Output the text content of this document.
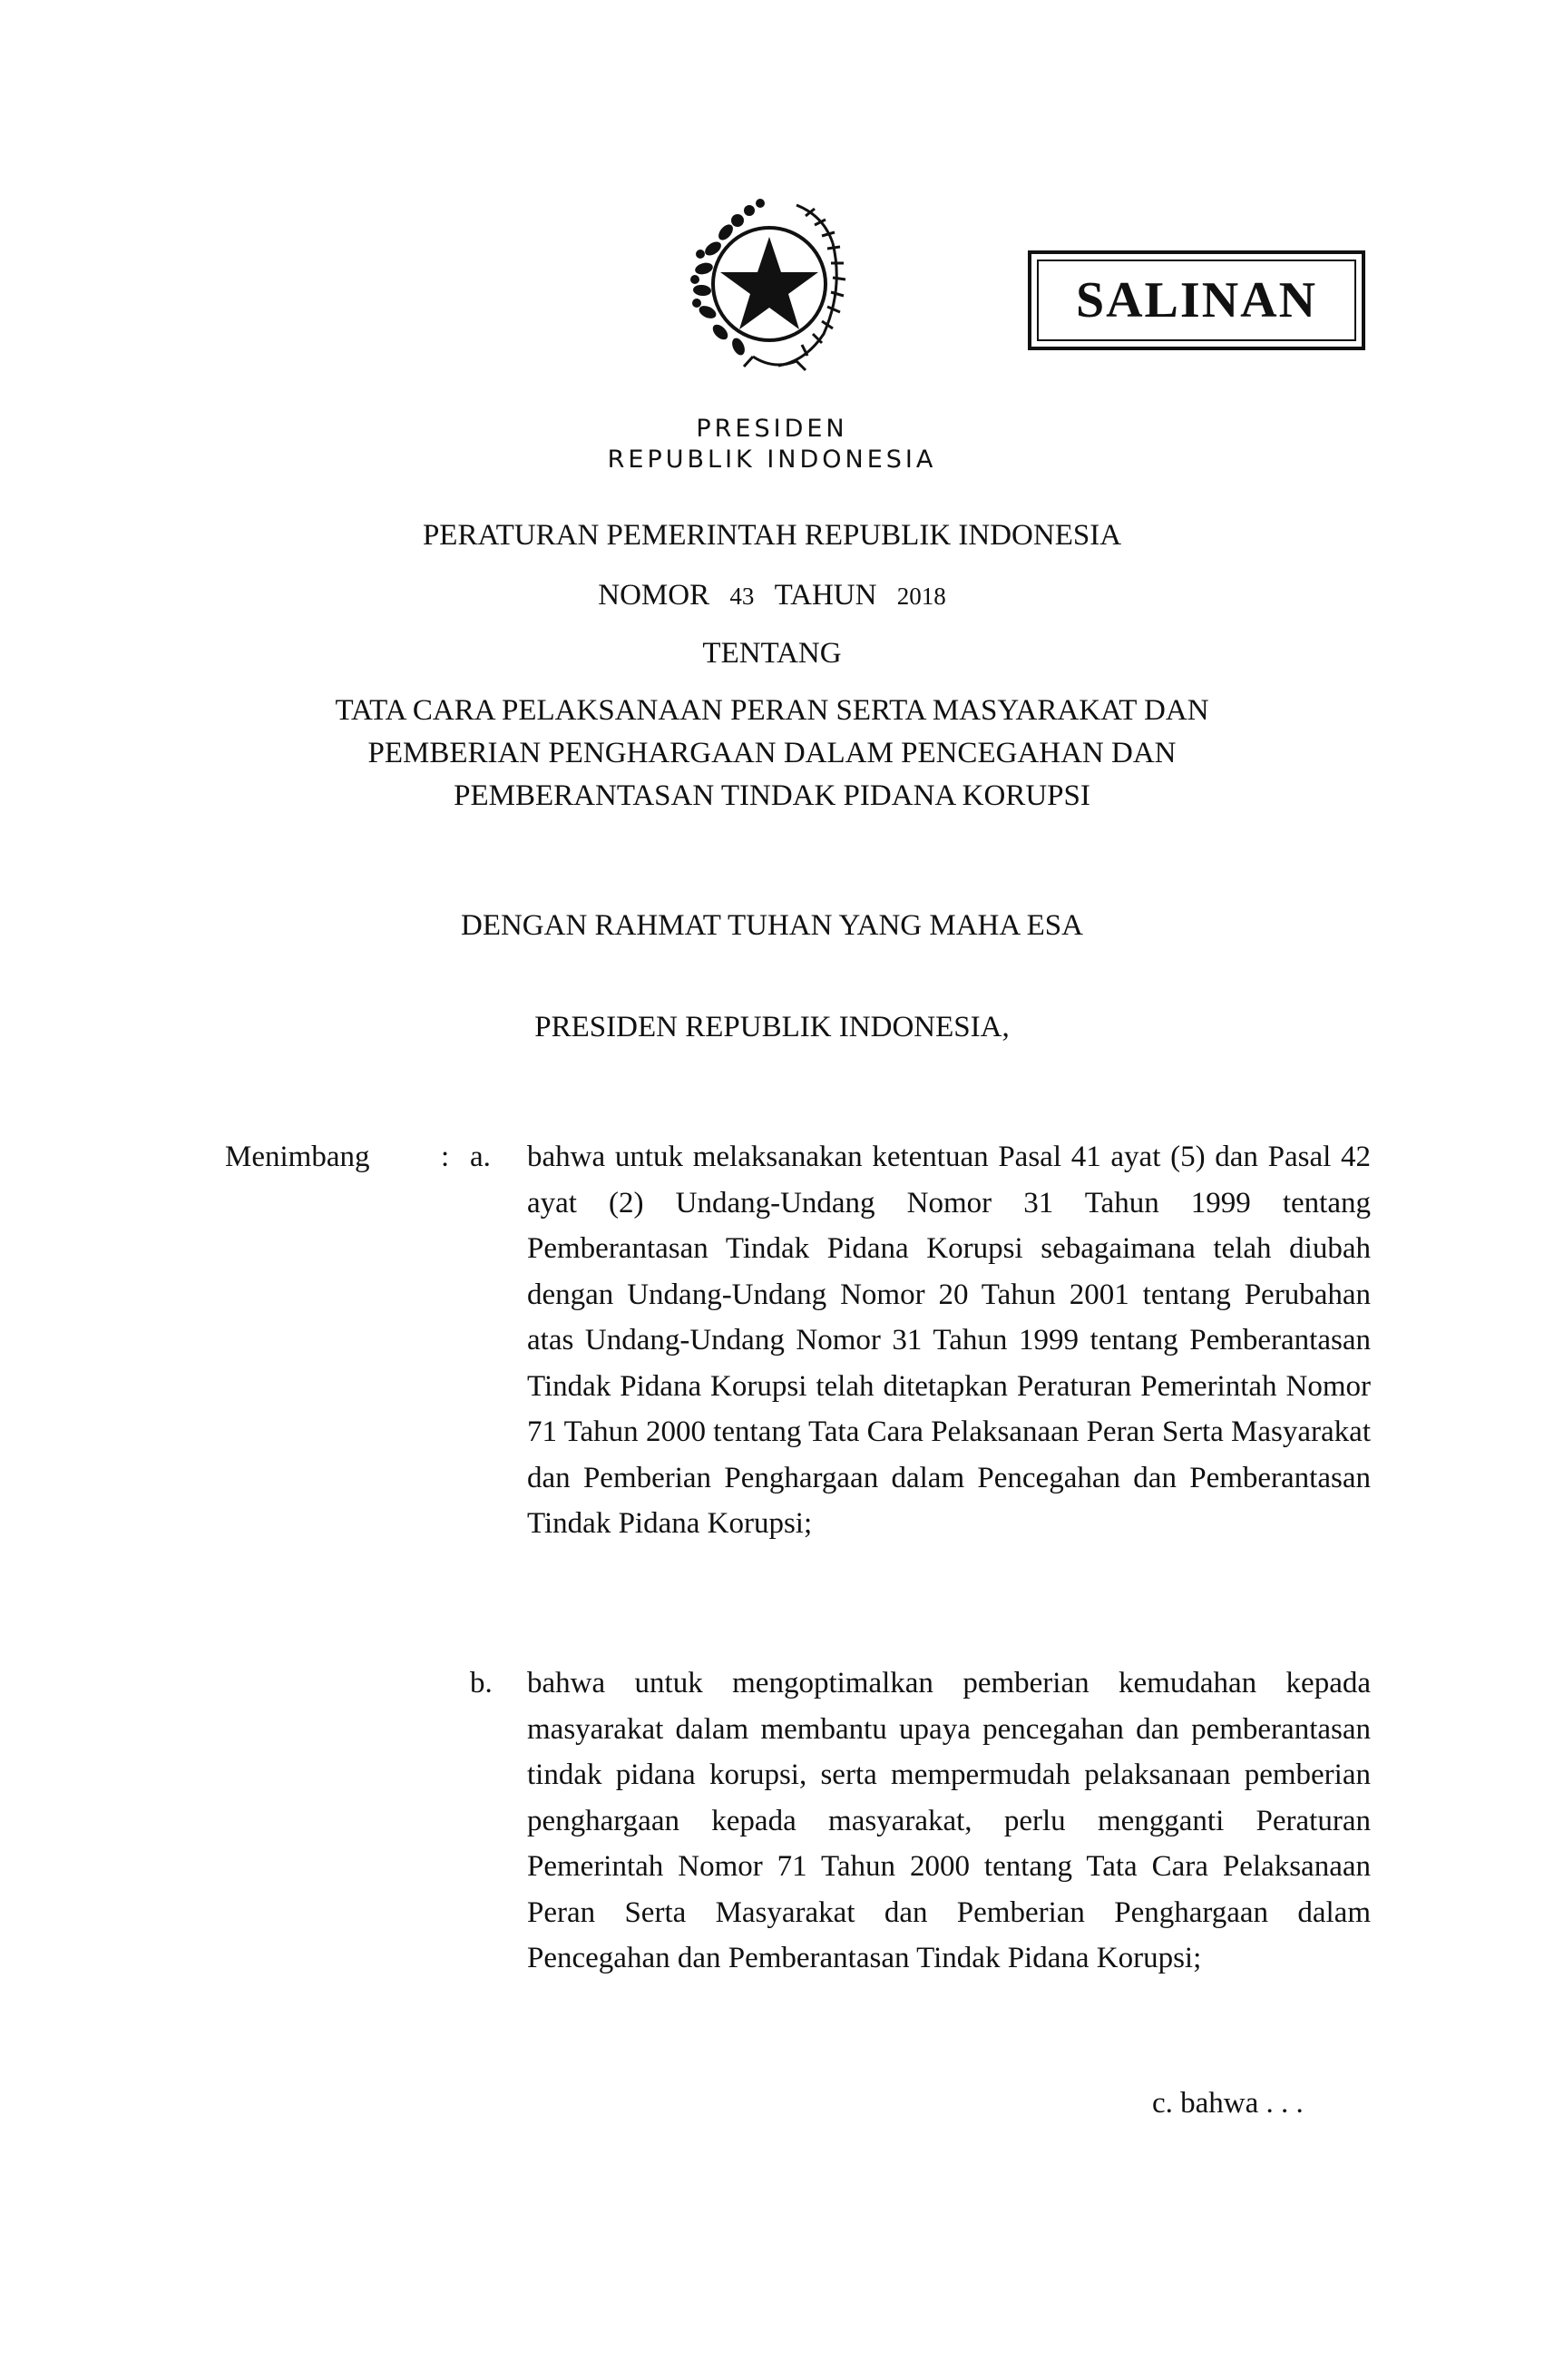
SALINAN
PRESIDEN
REPUBLIK INDONESIA
PERATURAN PEMERINTAH REPUBLIK INDONESIA
NOMOR 43 TAHUN 2018
TENTANG
TATA CARA PELAKSANAAN PERAN SERTA MASYARAKAT DAN
PEMBERIAN PENGHARGAAN DALAM PENCEGAHAN DAN
PEMBERANTASAN TINDAK PIDANA KORUPSI
DENGAN RAHMAT TUHAN YANG MAHA ESA
PRESIDEN REPUBLIK INDONESIA,
Menimbang : a. bahwa untuk melaksanakan ketentuan Pasal 41 ayat (5) dan Pasal 42 ayat (2) Undang-Undang Nomor 31 Tahun 1999 tentang Pemberantasan Tindak Pidana Korupsi sebagaimana telah diubah dengan Undang-Undang Nomor 20 Tahun 2001 tentang Perubahan atas Undang-Undang Nomor 31 Tahun 1999 tentang Pemberantasan Tindak Pidana Korupsi telah ditetapkan Peraturan Pemerintah Nomor 71 Tahun 2000 tentang Tata Cara Pelaksanaan Peran Serta Masyarakat dan Pemberian Penghargaan dalam Pencegahan dan Pemberantasan Tindak Pidana Korupsi;
b. bahwa untuk mengoptimalkan pemberian kemudahan kepada masyarakat dalam membantu upaya pencegahan dan pemberantasan tindak pidana korupsi, serta mempermudah pelaksanaan pemberian penghargaan kepada masyarakat, perlu mengganti Peraturan Pemerintah Nomor 71 Tahun 2000 tentang Tata Cara Pelaksanaan Peran Serta Masyarakat dan Pemberian Penghargaan dalam Pencegahan dan Pemberantasan Tindak Pidana Korupsi;
c. bahwa . . .
